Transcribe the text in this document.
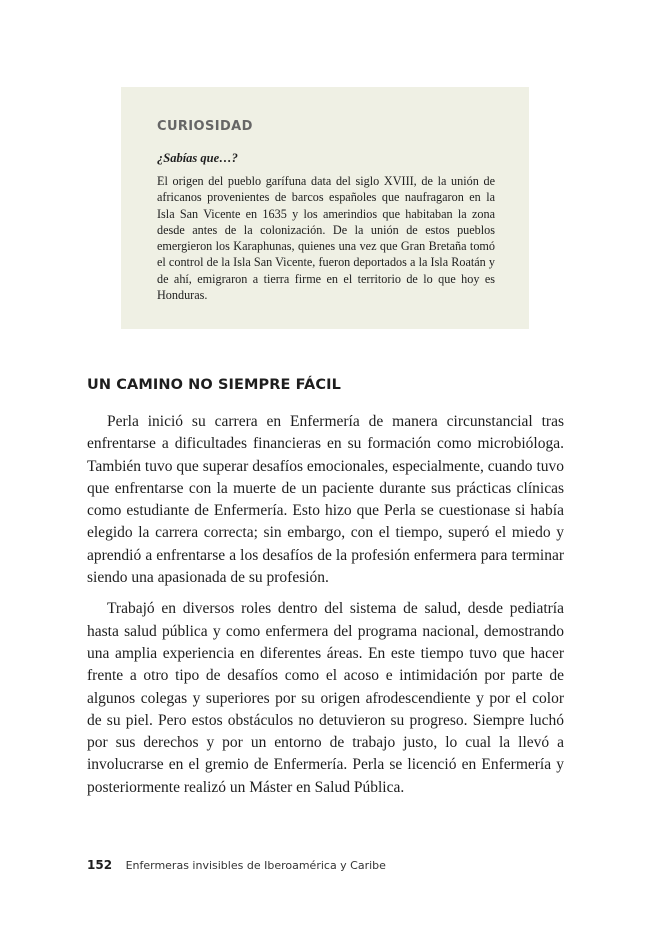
CURIOSIDAD

¿Sabías que…?

El origen del pueblo garífuna data del siglo XVIII, de la unión de africanos provenientes de barcos españoles que naufragaron en la Isla San Vicente en 1635 y los amerindios que habitaban la zona desde antes de la colonización. De la unión de estos pueblos emergieron los Karaphunas, quienes una vez que Gran Bretaña tomó el control de la Isla San Vicente, fueron deportados a la Isla Roatán y de ahí, emigraron a tierra firme en el territorio de lo que hoy es Honduras.

UN CAMINO NO SIEMPRE FÁCIL

Perla inició su carrera en Enfermería de manera circunstancial tras enfrentarse a dificultades financieras en su formación como microbióloga. También tuvo que superar desafíos emocionales, especialmente, cuando tuvo que enfrentarse con la muerte de un paciente durante sus prácticas clínicas como estudiante de Enfermería. Esto hizo que Perla se cuestionase si había elegido la carrera correcta; sin embargo, con el tiempo, superó el miedo y aprendió a enfrentarse a los desafíos de la profesión enfermera para terminar siendo una apasionada de su profesión.

Trabajó en diversos roles dentro del sistema de salud, desde pediatría hasta salud pública y como enfermera del programa nacional, demostrando una amplia experiencia en diferentes áreas. En este tiempo tuvo que hacer frente a otro tipo de desafíos como el acoso e intimidación por parte de algunos colegas y superiores por su origen afrodescendiente y por el color de su piel. Pero estos obstáculos no detuvieron su progreso. Siempre luchó por sus derechos y por un entorno de trabajo justo, lo cual la llevó a involucrarse en el gremio de Enfermería. Perla se licenció en Enfermería y posteriormente realizó un Máster en Salud Pública.

152 Enfermeras invisibles de Iberoamérica y Caribe
